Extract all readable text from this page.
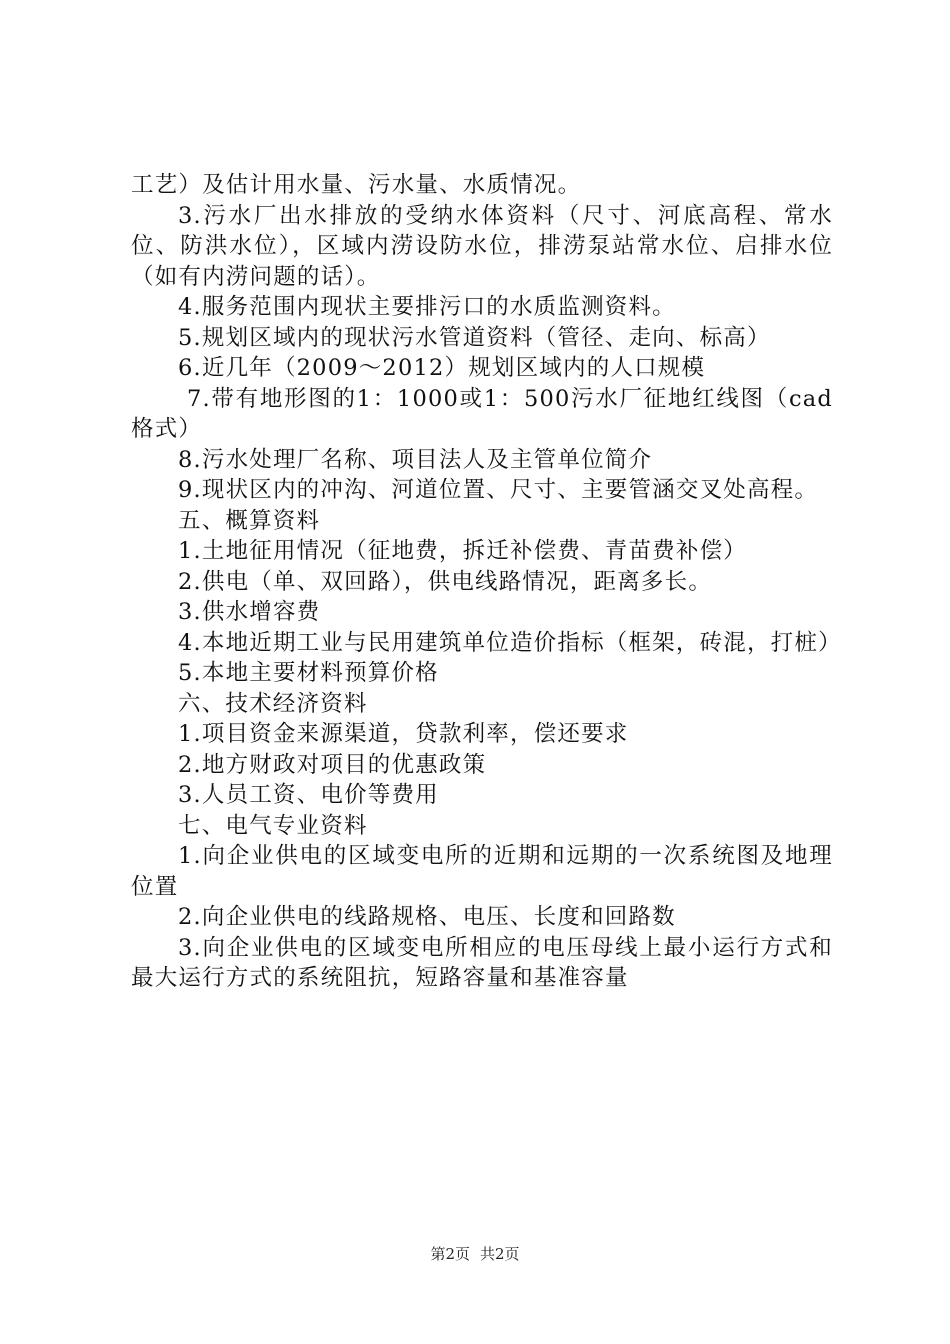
工艺）及估计用水量、污水量、水质情况。

3.污水厂出水排放的受纳水体资料（尺寸、河底高程、常水位、防洪水位），区域内涝设防水位，排涝泵站常水位、启排水位（如有内涝问题的话）。

4.服务范围内现状主要排污口的水质监测资料。

5.规划区域内的现状污水管道资料（管径、走向、标高）

6.近几年（2009～2012）规划区域内的人口规模

7.带有地形图的1：1000或1：500污水厂征地红线图（cad格式）

8.污水处理厂名称、项目法人及主管单位简介

9.现状区内的冲沟、河道位置、尺寸、主要管涵交叉处高程。

五、概算资料

1.土地征用情况（征地费，拆迁补偿费、青苗费补偿）

2.供电（单、双回路），供电线路情况，距离多长。

3.供水增容费

4.本地近期工业与民用建筑单位造价指标（框架，砖混，打桩）

5.本地主要材料预算价格

六、技术经济资料

1.项目资金来源渠道，贷款利率，偿还要求

2.地方财政对项目的优惠政策

3.人员工资、电价等费用

七、电气专业资料

1.向企业供电的区域变电所的近期和远期的一次系统图及地理位置

2.向企业供电的线路规格、电压、长度和回路数

3.向企业供电的区域变电所相应的电压母线上最小运行方式和最大运行方式的系统阻抗，短路容量和基准容量

第2页 共2页
